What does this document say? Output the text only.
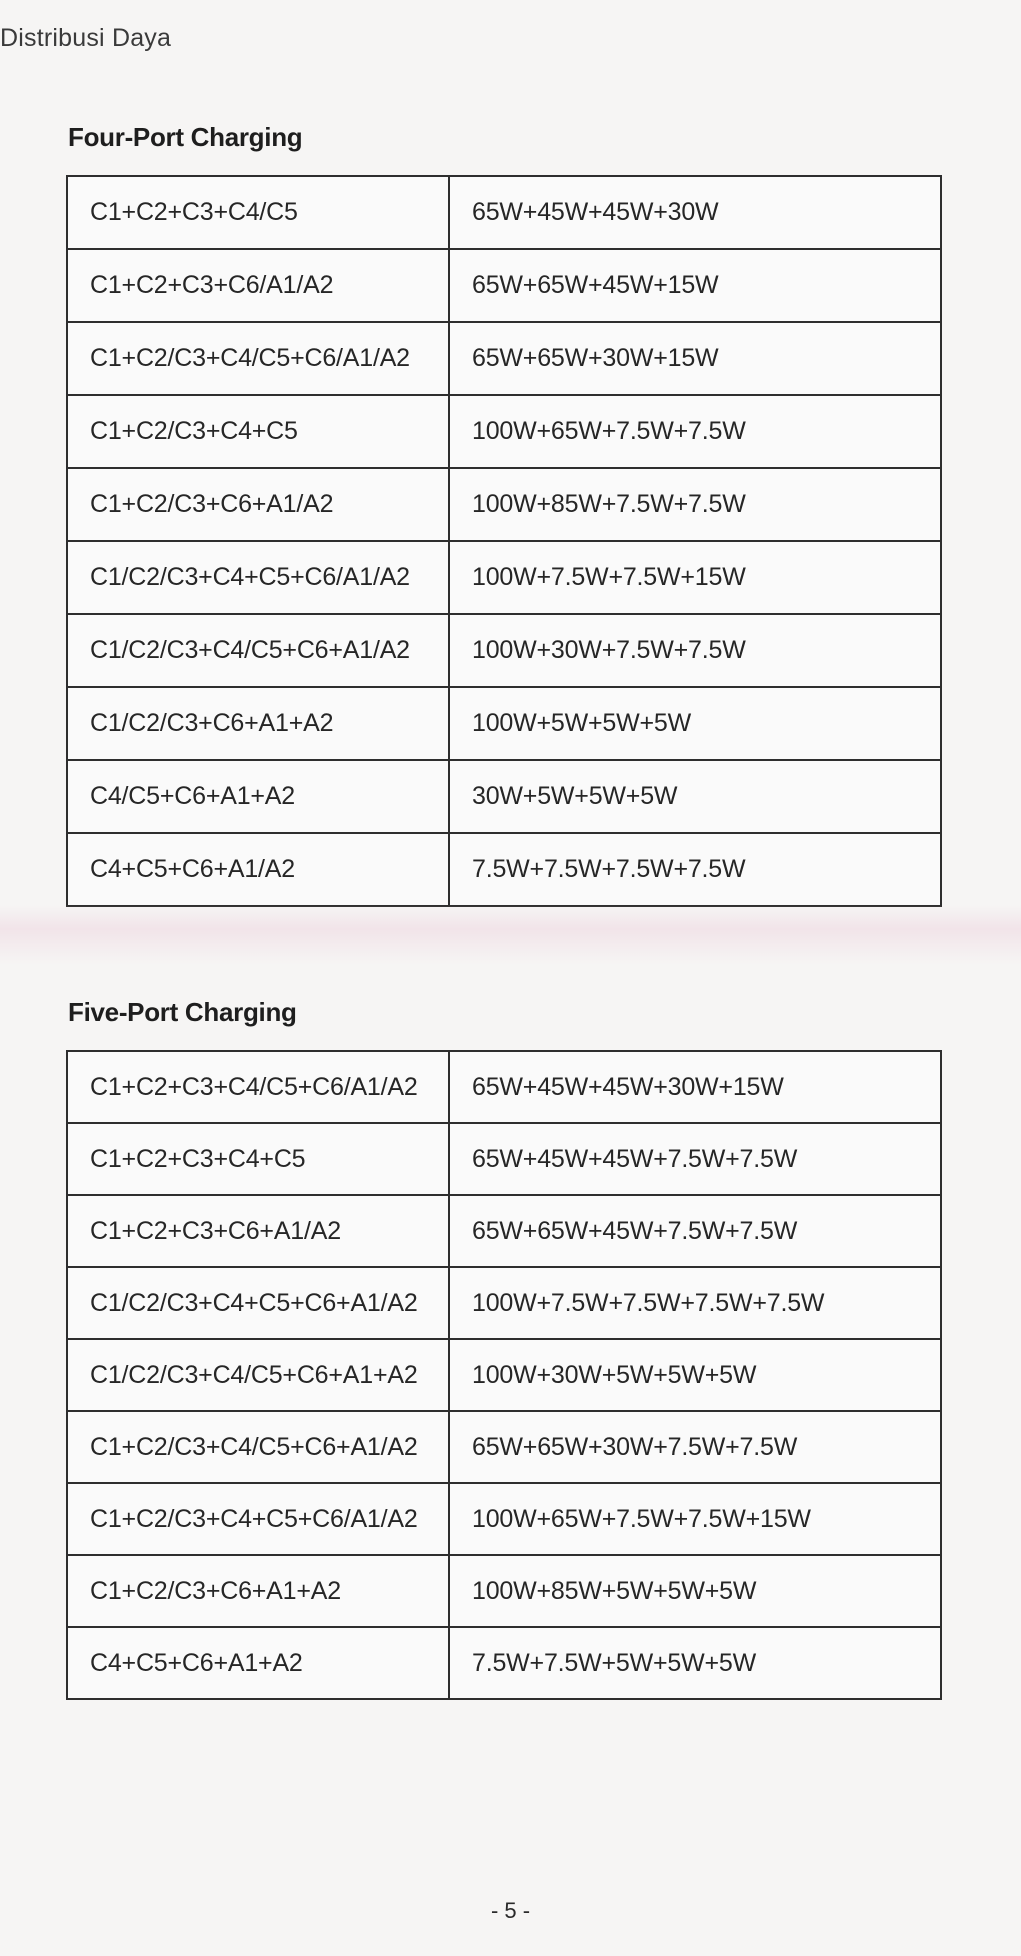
Distribusi Daya
Four-Port Charging
C1+C2+C3+C4/C5	65W+45W+45W+30W
C1+C2+C3+C6/A1/A2	65W+65W+45W+15W
C1+C2/C3+C4/C5+C6/A1/A2	65W+65W+30W+15W
C1+C2/C3+C4+C5	100W+65W+7.5W+7.5W
C1+C2/C3+C6+A1/A2	100W+85W+7.5W+7.5W
C1/C2/C3+C4+C5+C6/A1/A2	100W+7.5W+7.5W+15W
C1/C2/C3+C4/C5+C6+A1/A2	100W+30W+7.5W+7.5W
C1/C2/C3+C6+A1+A2	100W+5W+5W+5W
C4/C5+C6+A1+A2	30W+5W+5W+5W
C4+C5+C6+A1/A2	7.5W+7.5W+7.5W+7.5W
Five-Port Charging
C1+C2+C3+C4/C5+C6/A1/A2	65W+45W+45W+30W+15W
C1+C2+C3+C4+C5	65W+45W+45W+7.5W+7.5W
C1+C2+C3+C6+A1/A2	65W+65W+45W+7.5W+7.5W
C1/C2/C3+C4+C5+C6+A1/A2	100W+7.5W+7.5W+7.5W+7.5W
C1/C2/C3+C4/C5+C6+A1+A2	100W+30W+5W+5W+5W
C1+C2/C3+C4/C5+C6+A1/A2	65W+65W+30W+7.5W+7.5W
C1+C2/C3+C4+C5+C6/A1/A2	100W+65W+7.5W+7.5W+15W
C1+C2/C3+C6+A1+A2	100W+85W+5W+5W+5W
C4+C5+C6+A1+A2	7.5W+7.5W+5W+5W+5W
- 5 -
